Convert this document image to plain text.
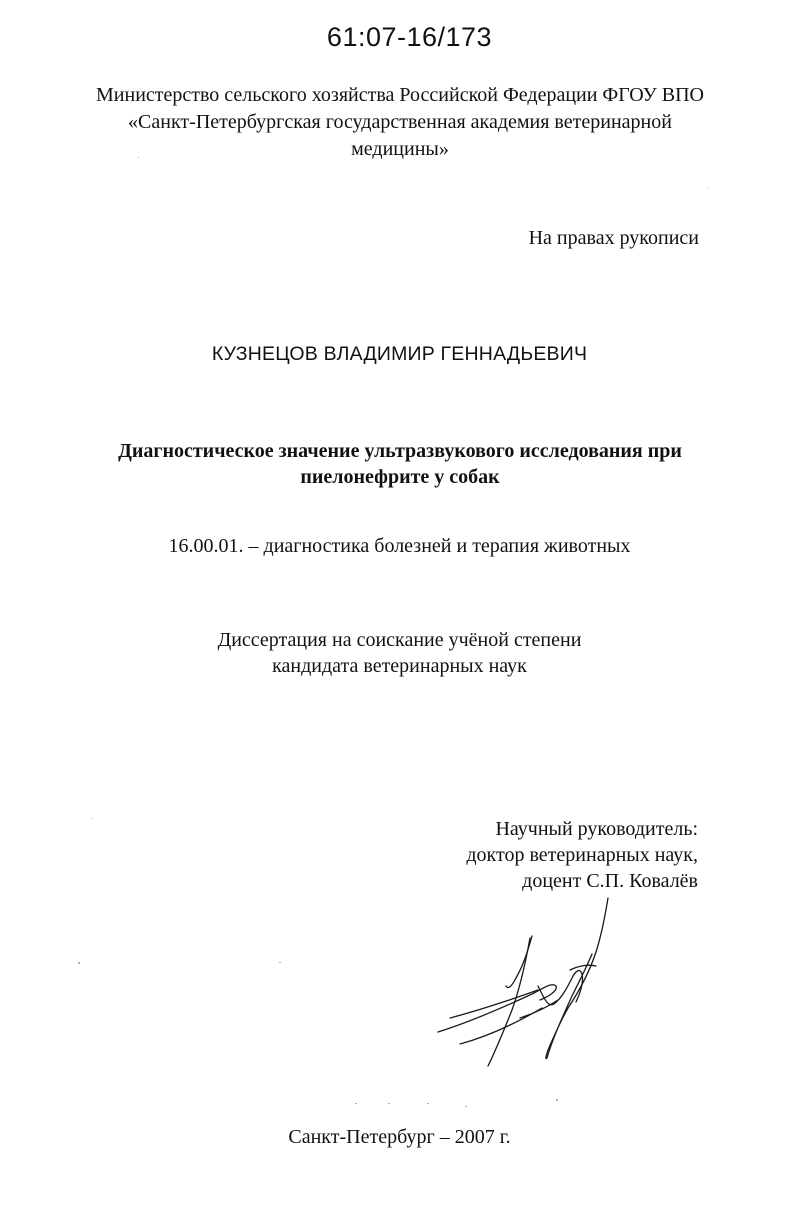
61:07-16/173
Министерство сельского хозяйства Российской Федерации ФГОУ ВПО
«Санкт-Петербургская государственная академия ветеринарной
медицины»
На правах рукописи
КУЗНЕЦОВ ВЛАДИМИР ГЕННАДЬЕВИЧ
Диагностическое значение ультразвукового исследования при
пиелонефрите у собак
16.00.01. – диагностика болезней и терапия животных
Диссертация на соискание учёной степени
кандидата ветеринарных наук
Научный руководитель:
доктор ветеринарных наук,
доцент С.П. Ковалёв
Санкт-Петербург – 2007 г.
